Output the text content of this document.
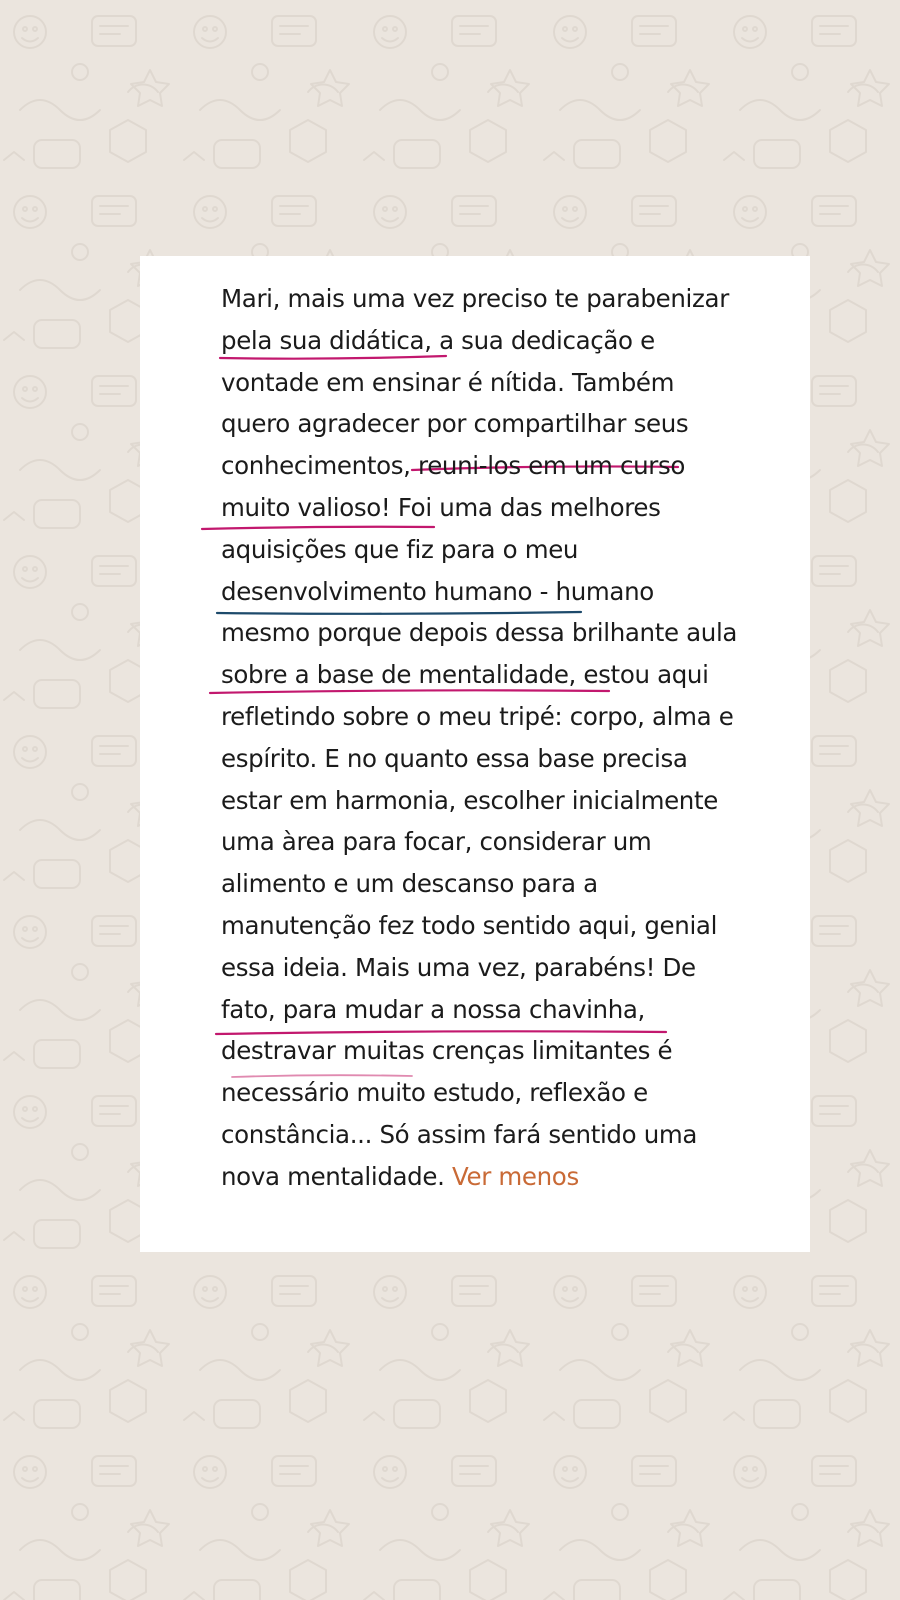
Mari, mais uma vez preciso te parabenizar
pela sua didática, a sua dedicação e
vontade em ensinar é nítida. Também
quero agradecer por compartilhar seus
conhecimentos, reuni-los em um curso
muito valioso! Foi uma das melhores
aquisições que fiz para o meu
desenvolvimento humano - humano
mesmo porque depois dessa brilhante aula
sobre a base de mentalidade, estou aqui
refletindo sobre o meu tripé: corpo, alma e
espírito. E no quanto essa base precisa
estar em harmonia, escolher inicialmente
uma àrea para focar, considerar um
alimento e um descanso para a
manutenção fez todo sentido aqui, genial
essa ideia. Mais uma vez, parabéns! De
fato, para mudar a nossa chavinha,
destravar muitas crenças limitantes é
necessário muito estudo, reflexão e
constância... Só assim fará sentido uma
nova mentalidade. Ver menos
